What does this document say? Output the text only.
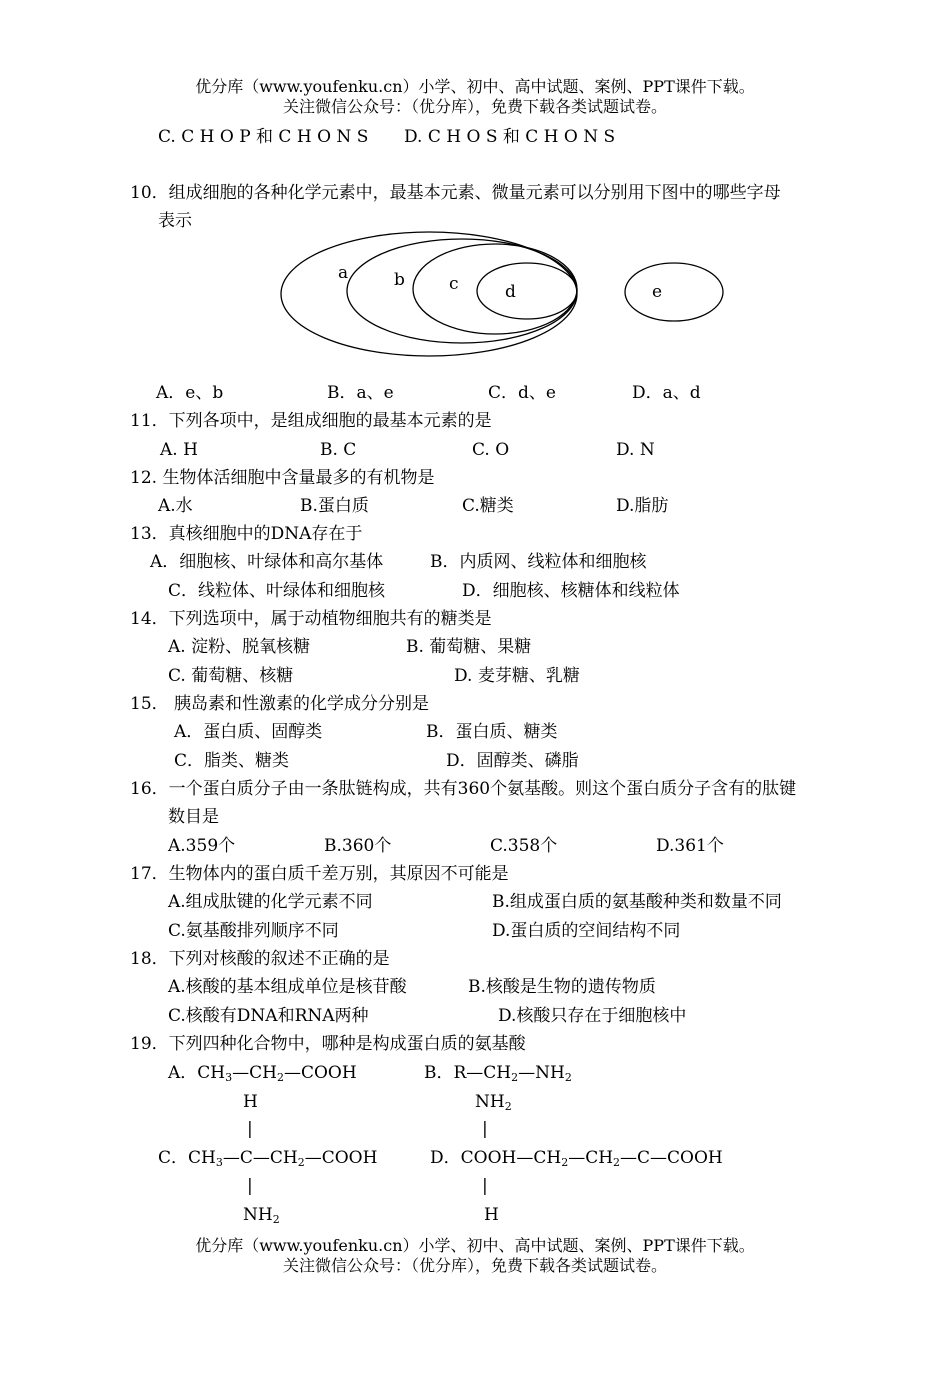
优分库（www.youfenku.cn）小学、初中、高中试题、案例、PPT课件下载。
关注微信公众号：（优分库），免费下载各类试题试卷。
C. C H O P 和 C H O N S D. C H O S 和 C H O N S
10．组成细胞的各种化学元素中，最基本元素、微量元素可以分别用下图中的哪些字母
表示
a	b	c	d	e
A．e、b	B．a、e	C．d、e	D．a、d
11．下列各项中，是组成细胞的最基本元素的是
A. H	B. C	C. O	D. N
12. 生物体活细胞中含量最多的有机物是
A.水	B.蛋白质	C.糖类	D.脂肪
13．真核细胞中的DNA存在于
A．细胞核、叶绿体和高尔基体	B．内质网、线粒体和细胞核
C．线粒体、叶绿体和细胞核	D．细胞核、核糖体和线粒体
14．下列选项中，属于动植物细胞共有的糖类是
A. 淀粉、脱氧核糖	B. 葡萄糖、果糖
C. 葡萄糖、核糖	D. 麦芽糖、乳糖
15． 胰岛素和性激素的化学成分分别是
A．蛋白质、固醇类	B．蛋白质、糖类
C．脂类、糖类	D．固醇类、磷脂
16．一个蛋白质分子由一条肽链构成，共有360个氨基酸。则这个蛋白质分子含有的肽键
数目是
A.359个	B.360个	C.358个	D.361个
17．生物体内的蛋白质千差万别，其原因不可能是
A.组成肽键的化学元素不同	B.组成蛋白质的氨基酸种类和数量不同
C.氨基酸排列顺序不同	D.蛋白质的空间结构不同
18．下列对核酸的叙述不正确的是
A.核酸的基本组成单位是核苷酸	B.核酸是生物的遗传物质
C.核酸有DNA和RNA两种	D.核酸只存在于细胞核中
19．下列四种化合物中，哪种是构成蛋白质的氨基酸
A．$CH_3—CH_2—COOH$	B．$R—CH_2—NH_2$
H	$NH_2$
|	|
C．$CH_3—C—CH_2—COOH$	D．$COOH—CH_2—CH_2—C—COOH$
|	|
$NH_2$	H
优分库（www.youfenku.cn）小学、初中、高中试题、案例、PPT课件下载。
关注微信公众号：（优分库），免费下载各类试题试卷。
